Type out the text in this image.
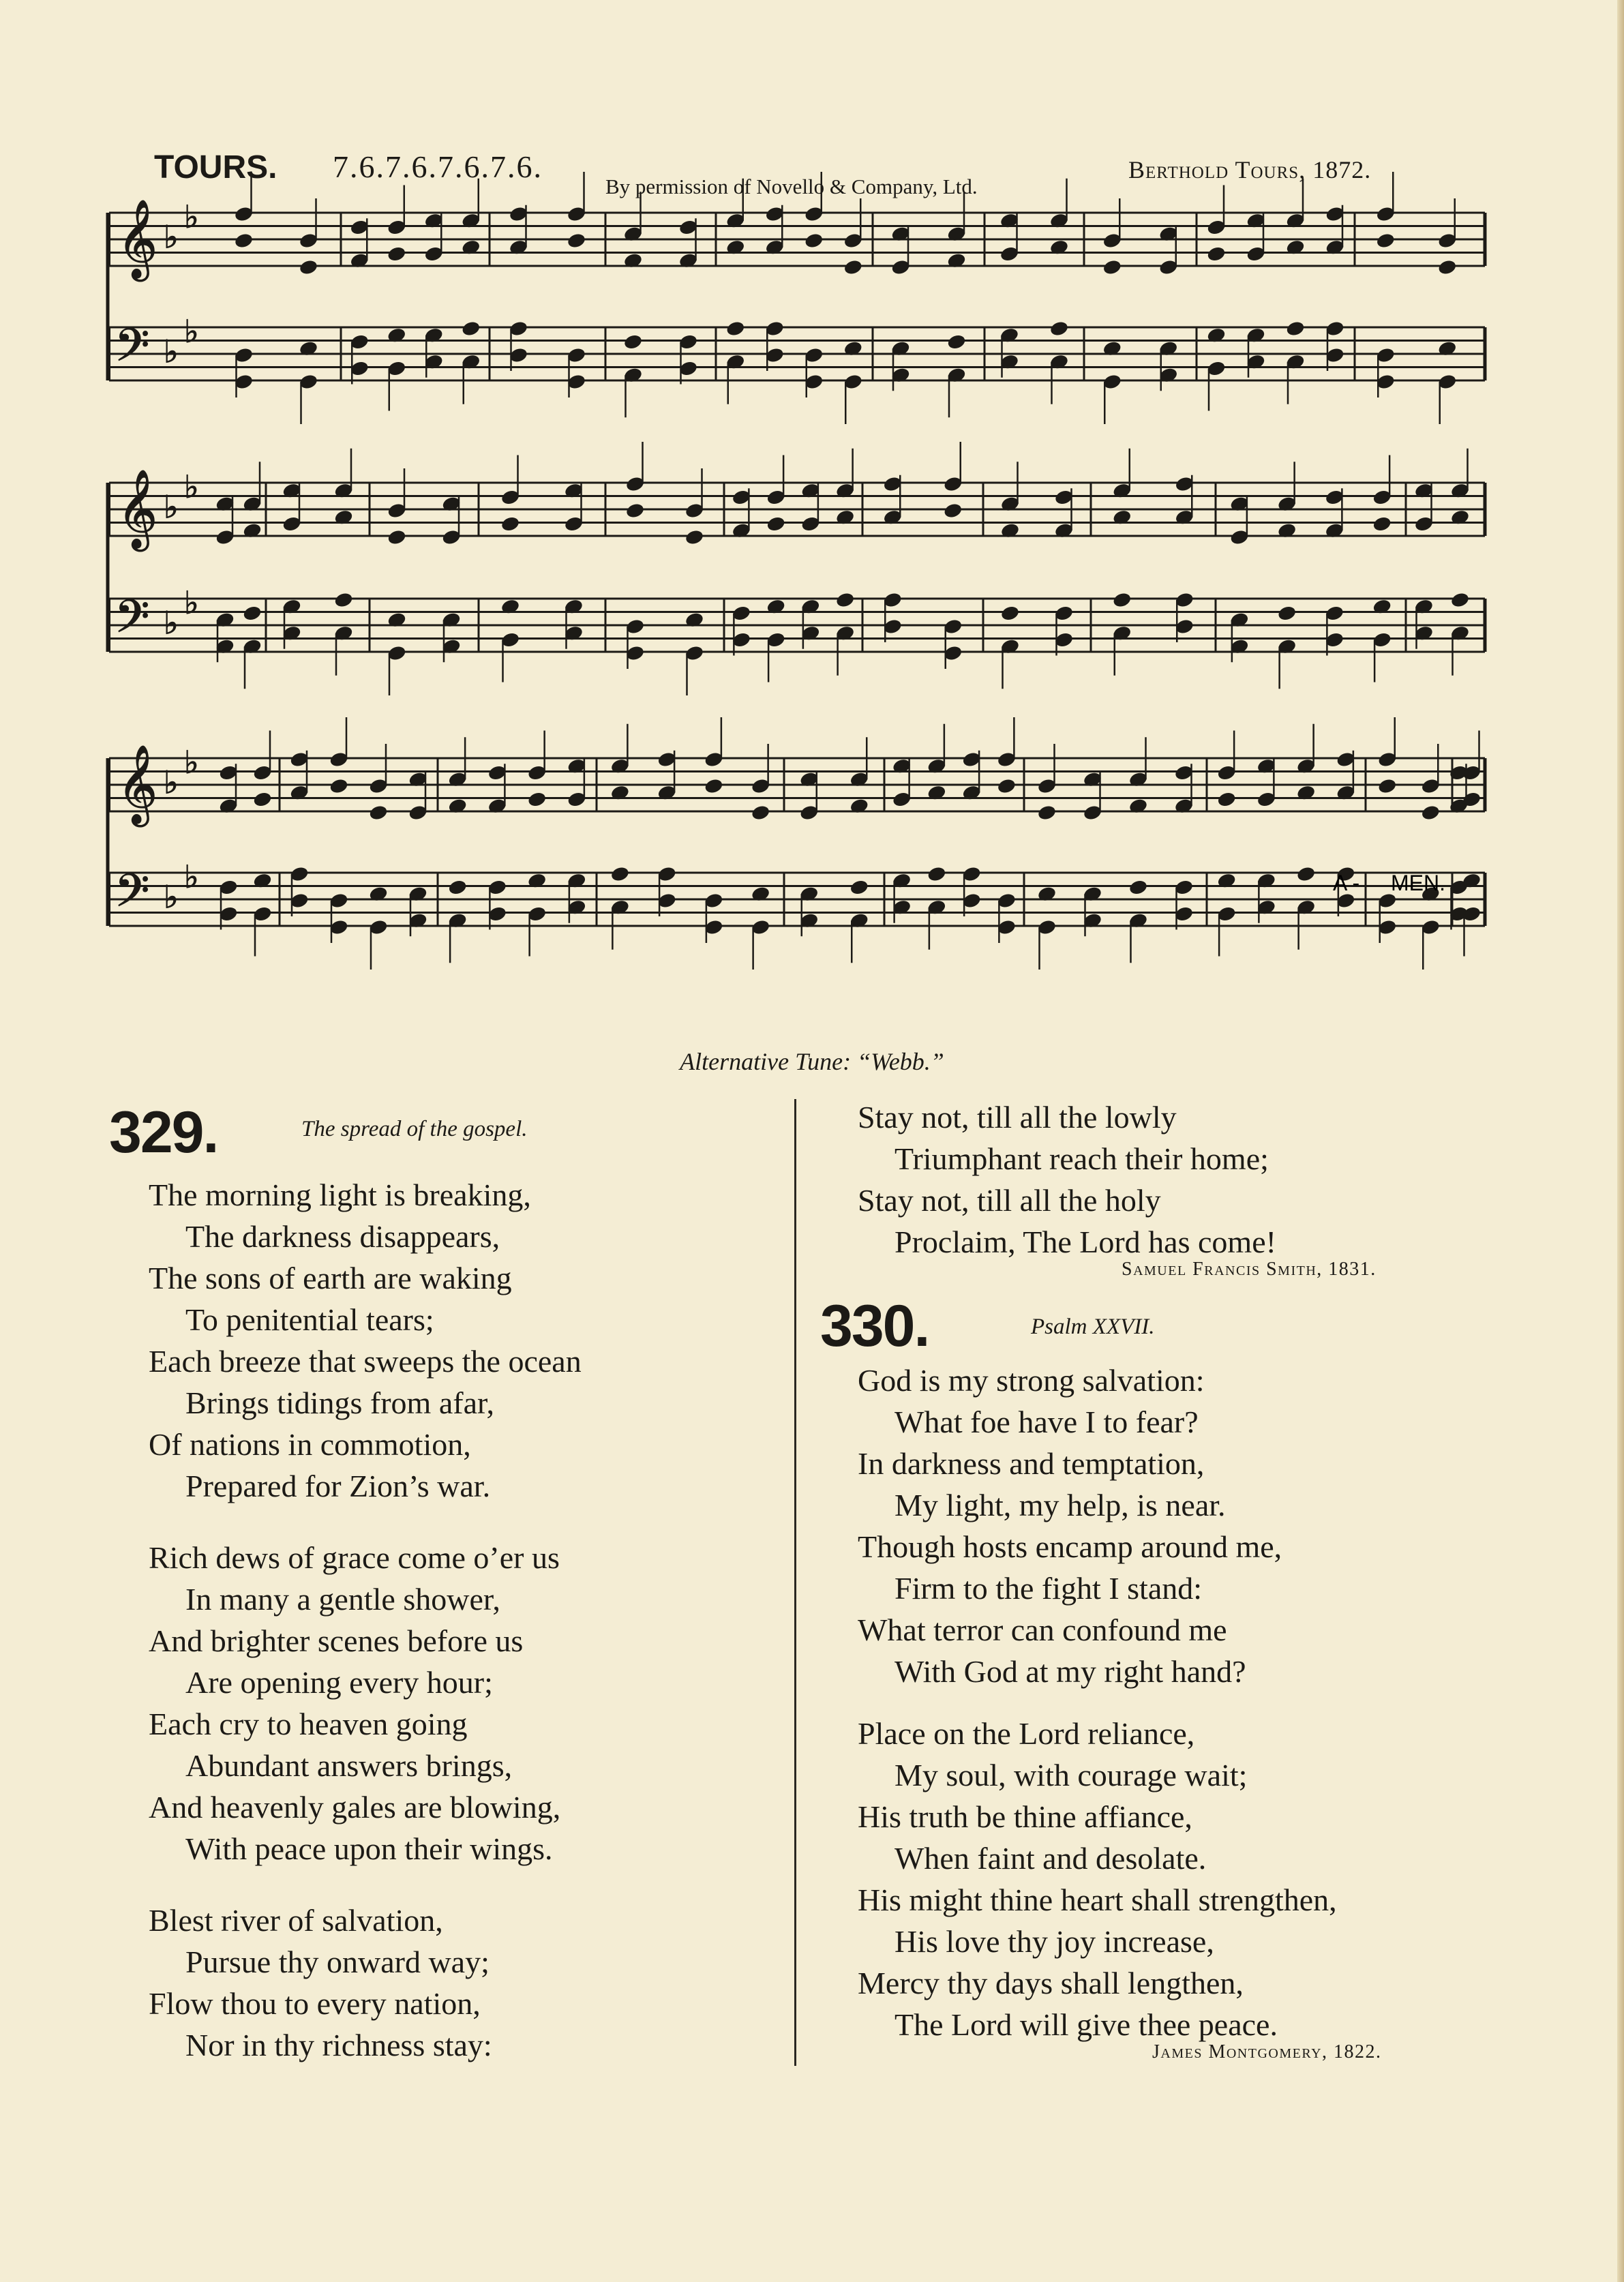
TOURS. 7.6.7.6.7.6.7.6.
By permission of Novello & Company, Ltd.
Berthold Tours, 1872.
𝄞 ♭
♭
𝄢 ♭
♭
𝄞 ♭
♭
𝄢 ♭
♭
𝄞 ♭
♭
𝄢 ♭
♭	A - MEN.
Alternative Tune: “Webb.”
329.	The spread of the gospel.
The morning light is breaking,
The darkness disappears,
The sons of earth are waking
To penitential tears;
Each breeze that sweeps the ocean
Brings tidings from afar,
Of nations in commotion,
Prepared for Zion’s war.
Rich dews of grace come o’er us
In many a gentle shower,
And brighter scenes before us
Are opening every hour;
Each cry to heaven going
Abundant answers brings,
And heavenly gales are blowing,
With peace upon their wings.
Blest river of salvation,
Pursue thy onward way;
Flow thou to every nation,
Nor in thy richness stay:
Stay not, till all the lowly
Triumphant reach their home;
Stay not, till all the holy
Proclaim, The Lord has come!
Samuel Francis Smith, 1831.
330.	Psalm XXVII.
God is my strong salvation:
What foe have I to fear?
In darkness and temptation,
My light, my help, is near.
Though hosts encamp around me,
Firm to the fight I stand:
What terror can confound me
With God at my right hand?
Place on the Lord reliance,
My soul, with courage wait;
His truth be thine affiance,
When faint and desolate.
His might thine heart shall strengthen,
His love thy joy increase,
Mercy thy days shall lengthen,
The Lord will give thee peace.
James Montgomery, 1822.
